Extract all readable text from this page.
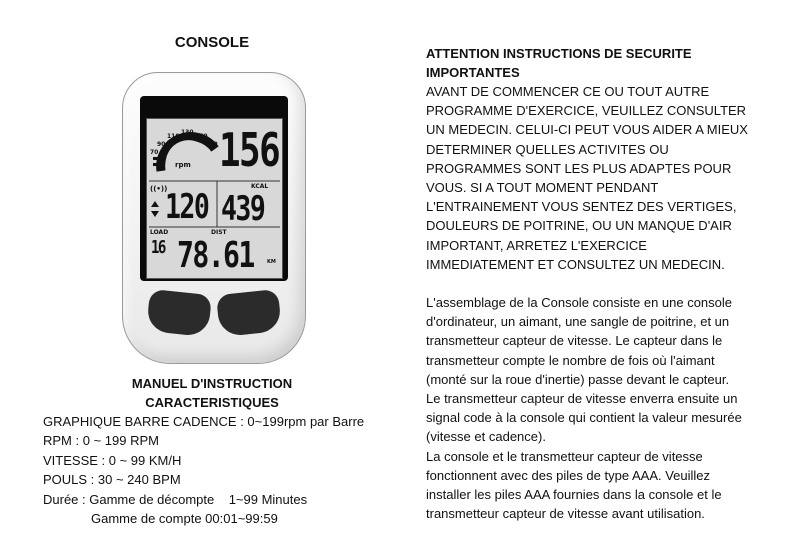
CONSOLE
110
130
150
170
90
70
rpm 156
((•))
120
KCAL
439
LOAD
16
DIST
78.61	KM
MANUEL D'INSTRUCTION
CARACTERISTIQUES
GRAPHIQUE BARRE CADENCE : 0~199rpm par Barre
RPM : 0 ~ 199 RPM
VITESSE : 0 ~ 99 KM/H
POULS : 30 ~ 240 BPM
Durée : Gamme de décompte    1~99 Minutes
Gamme de compte 00:01~99:59
ATTENTION INSTRUCTIONS DE SECURITE
IMPORTANTES
AVANT DE COMMENCER CE OU TOUT AUTRE
PROGRAMME D'EXERCICE, VEUILLEZ CONSULTER
UN MEDECIN. CELUI-CI PEUT VOUS AIDER A MIEUX
DETERMINER QUELLES ACTIVITES OU
PROGRAMMES SONT LES PLUS ADAPTES POUR
VOUS. SI A TOUT MOMENT PENDANT
L'ENTRAINEMENT VOUS SENTEZ DES VERTIGES,
DOULEURS DE POITRINE, OU UN MANQUE D'AIR
IMPORTANT, ARRETEZ L'EXERCICE
IMMEDIATEMENT ET CONSULTEZ UN MEDECIN.
L'assemblage de la Console consiste en une console
d'ordinateur, un aimant, une sangle de poitrine, et un
transmetteur capteur de vitesse. Le capteur dans le
transmetteur compte le nombre de fois où l'aimant
(monté sur la roue d'inertie) passe devant le capteur.
Le transmetteur capteur de vitesse enverra ensuite un
signal code à la console qui contient la valeur mesurée
(vitesse et cadence).
La console et le transmetteur capteur de vitesse
fonctionnent avec des piles de type AAA. Veuillez
installer les piles AAA fournies dans la console et le
transmetteur capteur de vitesse avant utilisation.
